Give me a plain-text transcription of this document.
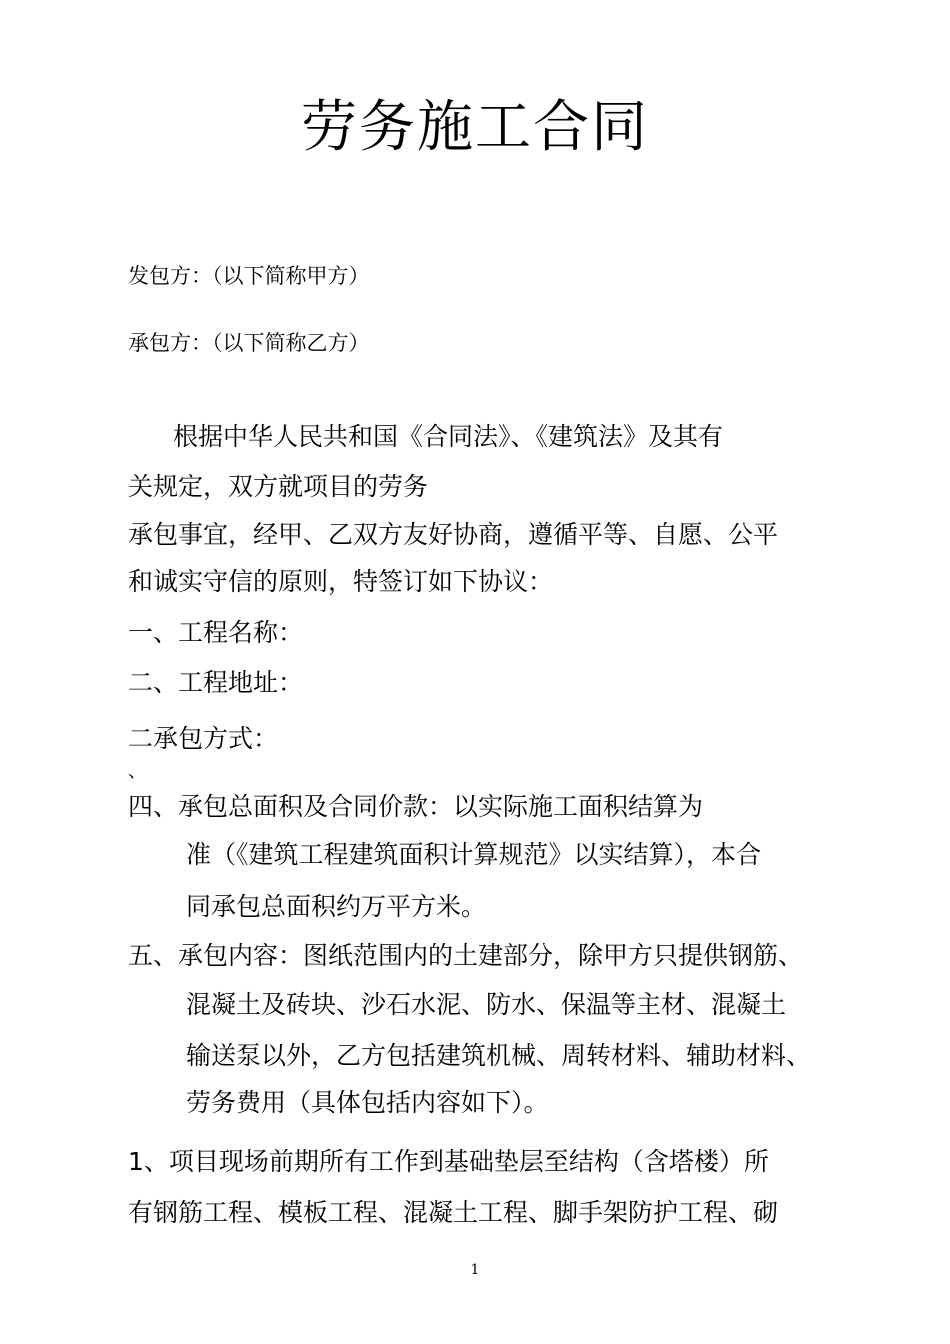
劳务施工合同
发包方：（以下简称甲方）
承包方：（以下简称乙方）
根据中华人民共和国《合同法》、《建筑法》及其有
关规定，双方就项目的劳务
承包事宜，经甲、乙双方友好协商，遵循平等、自愿、公平
和诚实守信的原则，特签订如下协议：
一、工程名称：
二、工程地址：
二承包方式：
、
四、承包总面积及合同价款：以实际施工面积结算为
准（《建筑工程建筑面积计算规范》以实结算），本合
同承包总面积约万平方米。
五、承包内容：图纸范围内的土建部分，除甲方只提供钢筋、
混凝土及砖块、沙石水泥、防水、保温等主材、混凝土
输送泵以外，乙方包括建筑机械、周转材料、辅助材料、
劳务费用（具体包括内容如下）。
1、项目现场前期所有工作到基础垫层至结构（含塔楼）所
有钢筋工程、模板工程、混凝土工程、脚手架防护工程、砌
1
